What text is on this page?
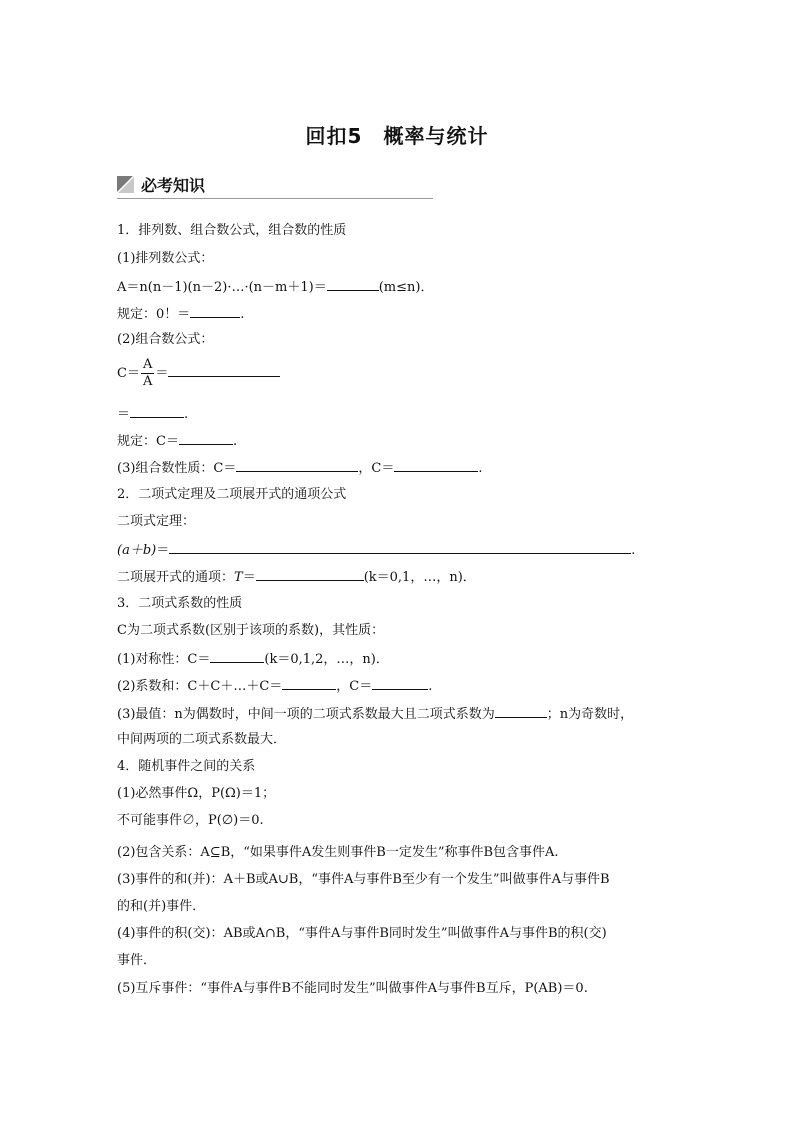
回扣5　概率与统计
必考知识
1．排列数、组合数公式，组合数的性质
(1)排列数公式：
A＝n(n－1)(n－2)·…·(n－m＋1)＝	(m≤n)．
规定：0！＝	.
(2)组合数公式：
$C= \frac{A}{A}$ ＝
＝	.
规定：C＝	.
(3)组合数性质：C＝	，C＝	.
2．二项式定理及二项展开式的通项公式
二项式定理：
(a＋b)＝	.
二项展开式的通项：T＝	(k＝0,1，…，n)．
3．二项式系数的性质
C为二项式系数(区别于该项的系数)，其性质：
(1)对称性：C＝	(k＝0,1,2，…，n)．
(2)系数和：C＋C＋…＋C＝	，C＝	.
(3)最值：n为偶数时，中间一项的二项式系数最大且二项式系数为	；n为奇数时，
中间两项的二项式系数最大．
4．随机事件之间的关系
(1)必然事件Ω，P(Ω)＝1；
不可能事件∅，P(∅)＝0.
(2)包含关系：A⊆B，“如果事件A发生则事件B一定发生”称事件B包含事件A.
(3)事件的和(并)：A＋B或A∪B，“事件A与事件B至少有一个发生”叫做事件A与事件B
的和(并)事件．
(4)事件的积(交)：AB或A∩B，“事件A与事件B同时发生”叫做事件A与事件B的积(交)
事件．
(5)互斥事件：“事件A与事件B不能同时发生”叫做事件A与事件B互斥，P(AB)＝0.
